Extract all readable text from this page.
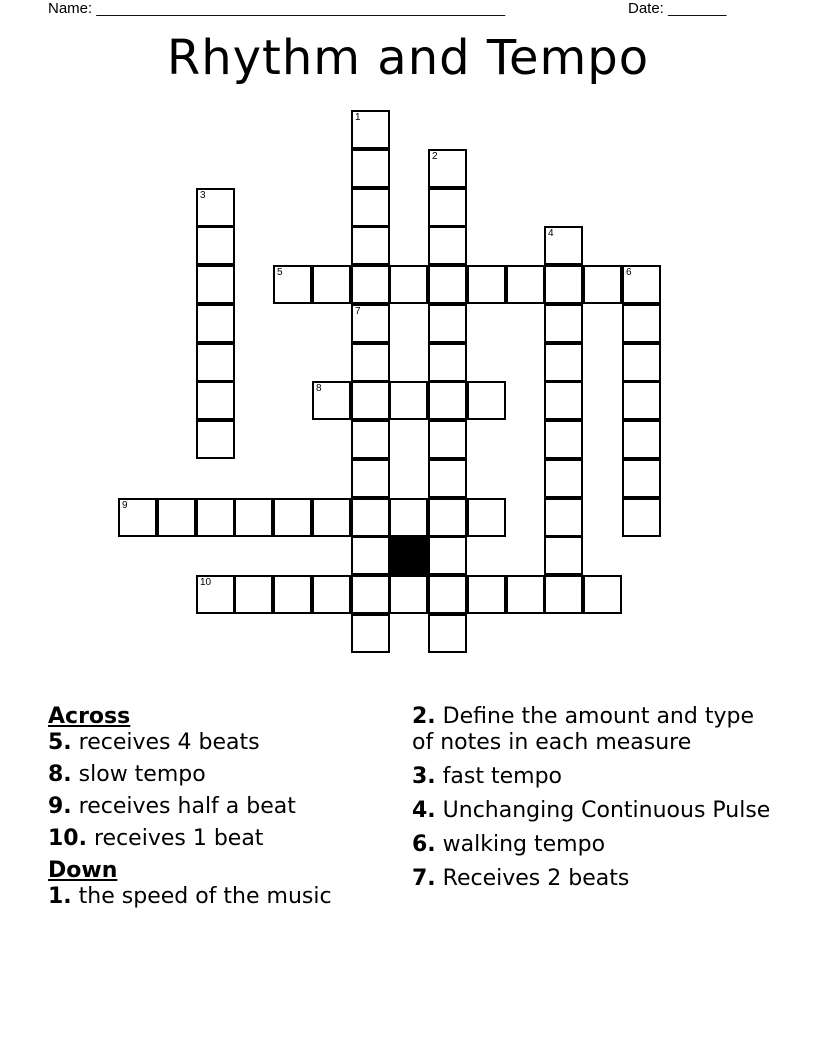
Name: _________________________________________________	Date: _______
Rhythm and Tempo
1
7
2
3
4
5	6
8
9
10

Across

5. receives 4 beats
8. slow tempo
9. receives half a beat
10. receives 1 beat

Down

1. the speed of the music
2. Define the amount and type of notes in each measure
3. fast tempo
4. Unchanging Continuous Pulse
6. walking tempo
7. Receives 2 beats
